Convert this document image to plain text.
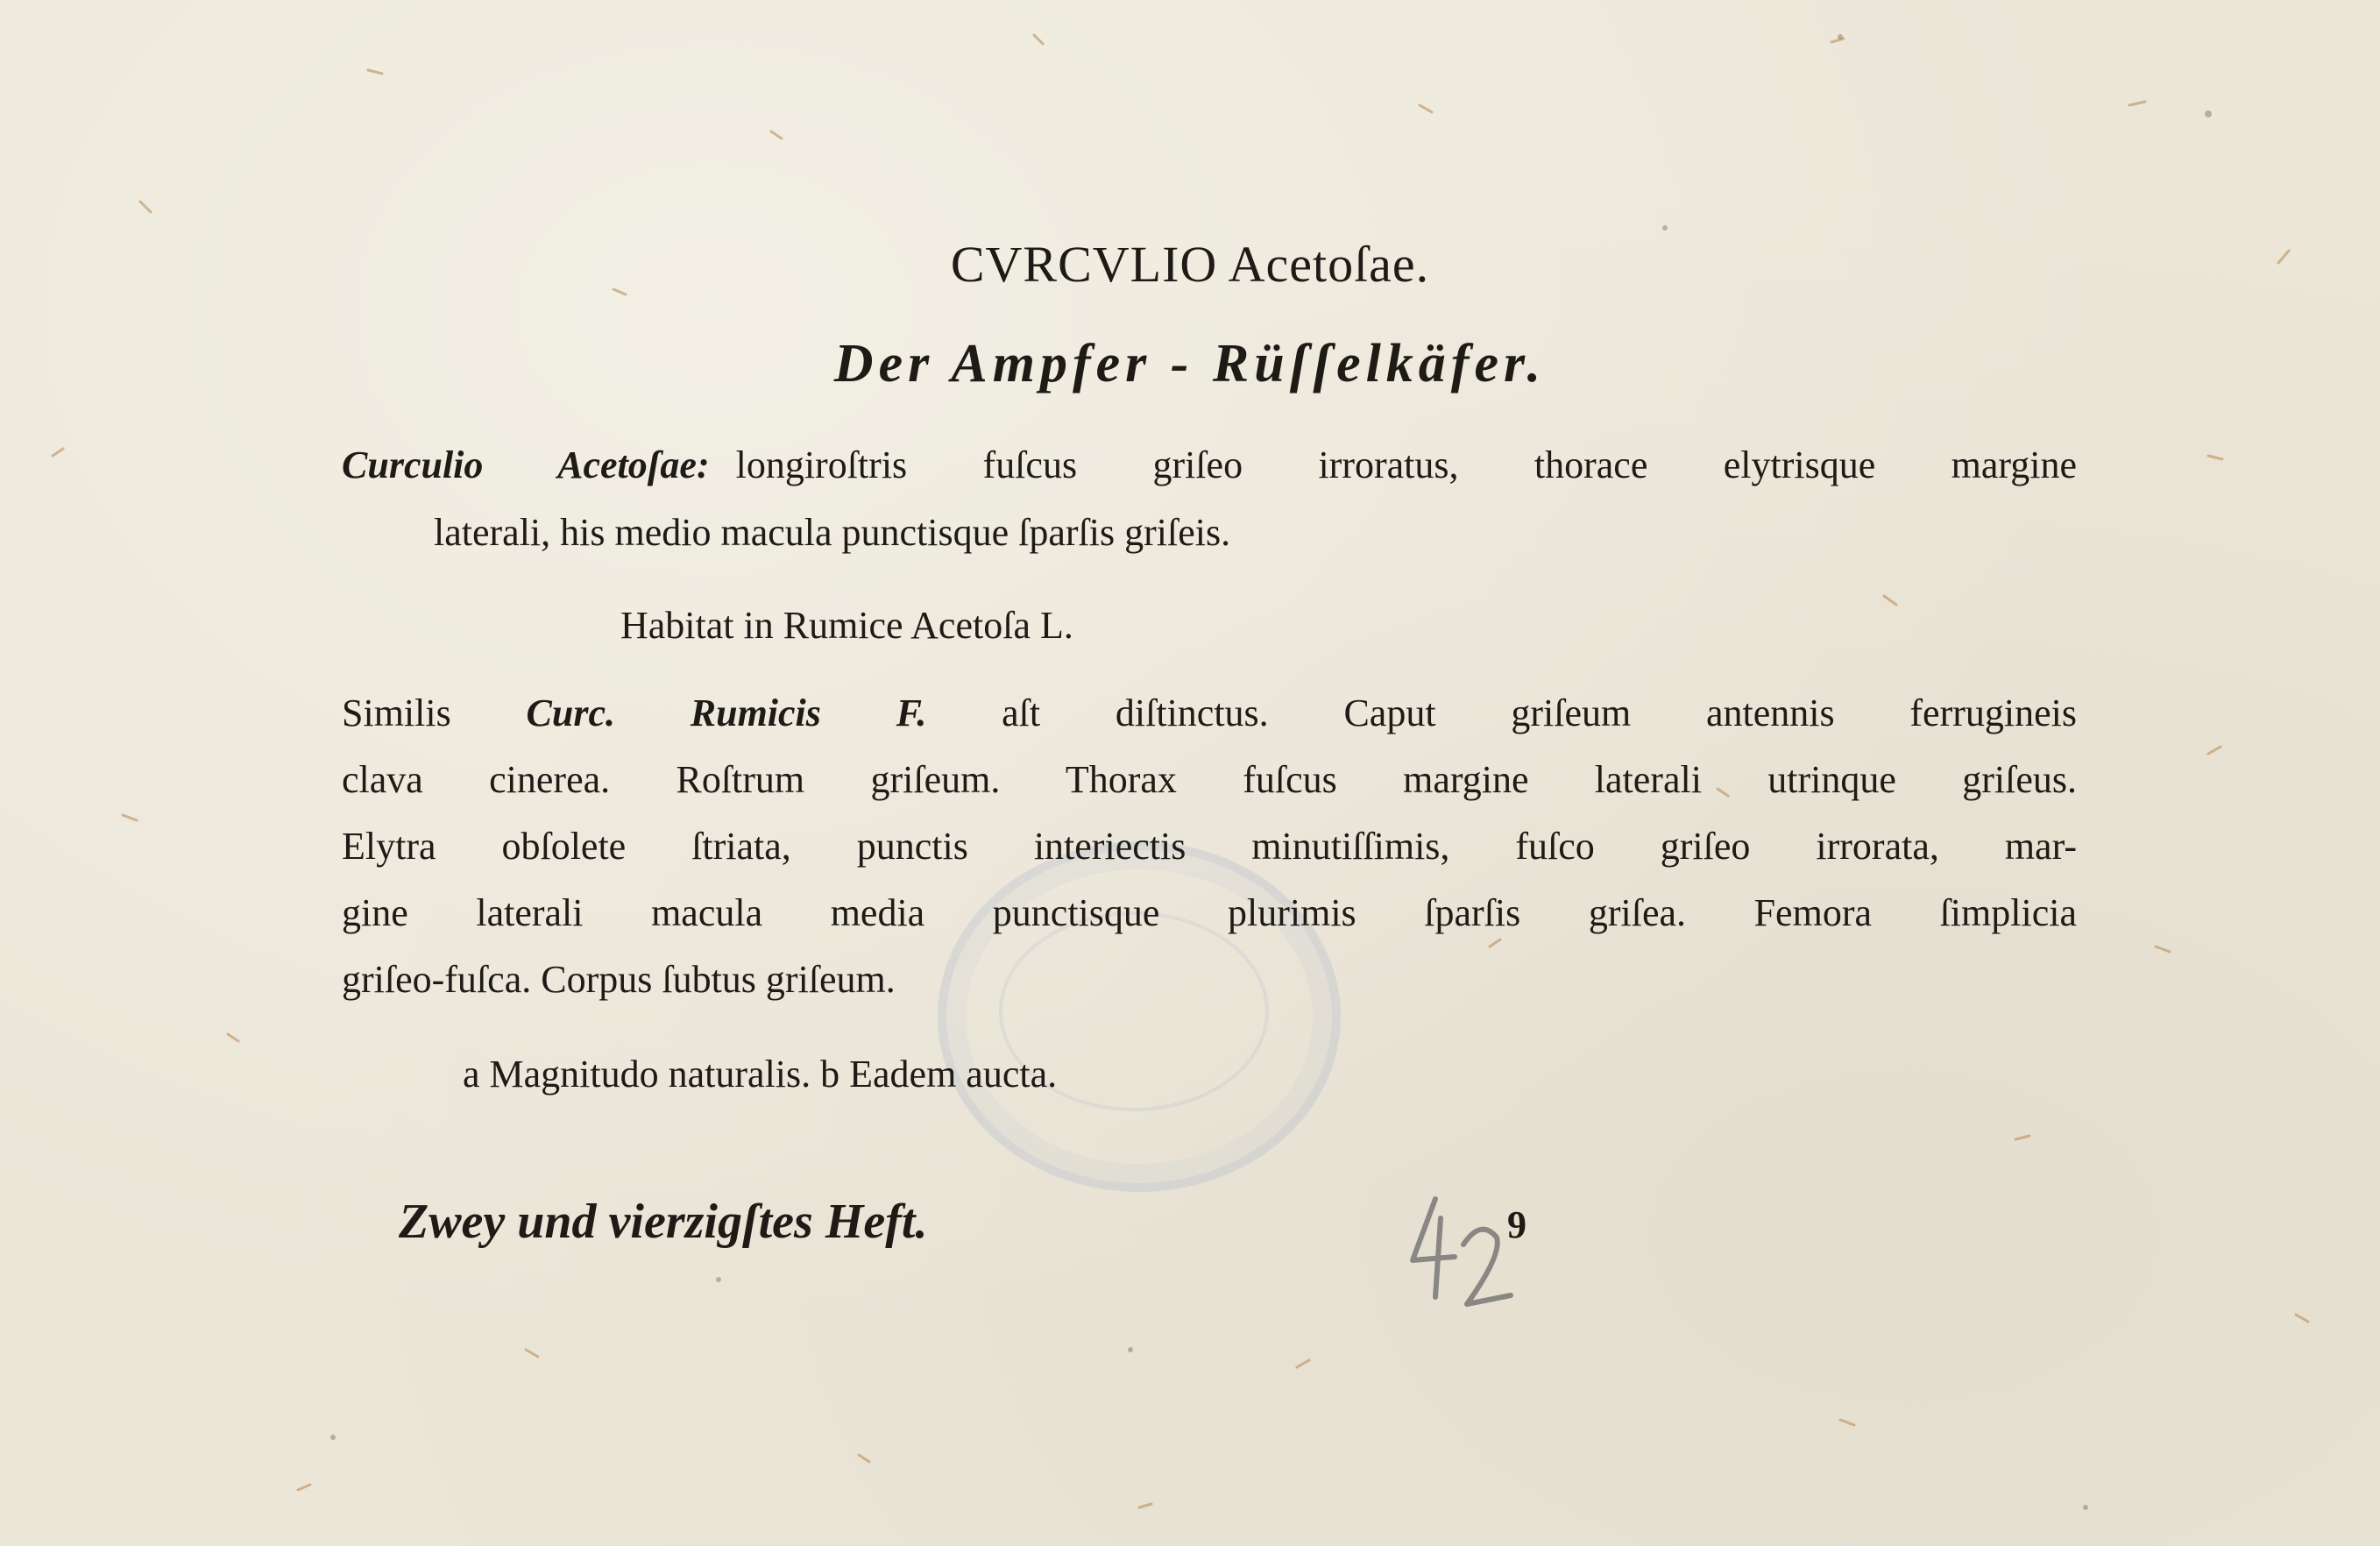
CVRCVLIO Acetoſae.
Der Ampfer - Rüſſelkäfer.
Curculio Acetoſae: longiroſtris fuſcus griſeo irroratus, thorace elytrisque margine
laterali, his medio macula punctisque ſparſis griſeis.
Habitat in Rumice Acetoſa L.
Similis Curc. Rumicis F. aſt diſtinctus. Caput griſeum antennis ferrugineis
clava cinerea. Roſtrum griſeum. Thorax fuſcus margine laterali utrinque griſeus.
Elytra obſolete ſtriata, punctis interiectis minutiſſimis, fuſco griſeo irrorata, mar-
gine laterali macula media punctisque plurimis ſparſis griſea. Femora ſimplicia
griſeo-fuſca. Corpus ſubtus griſeum.
a Magnitudo naturalis. b Eadem aucta.
Zwey und vierzigſtes Heft.	9
